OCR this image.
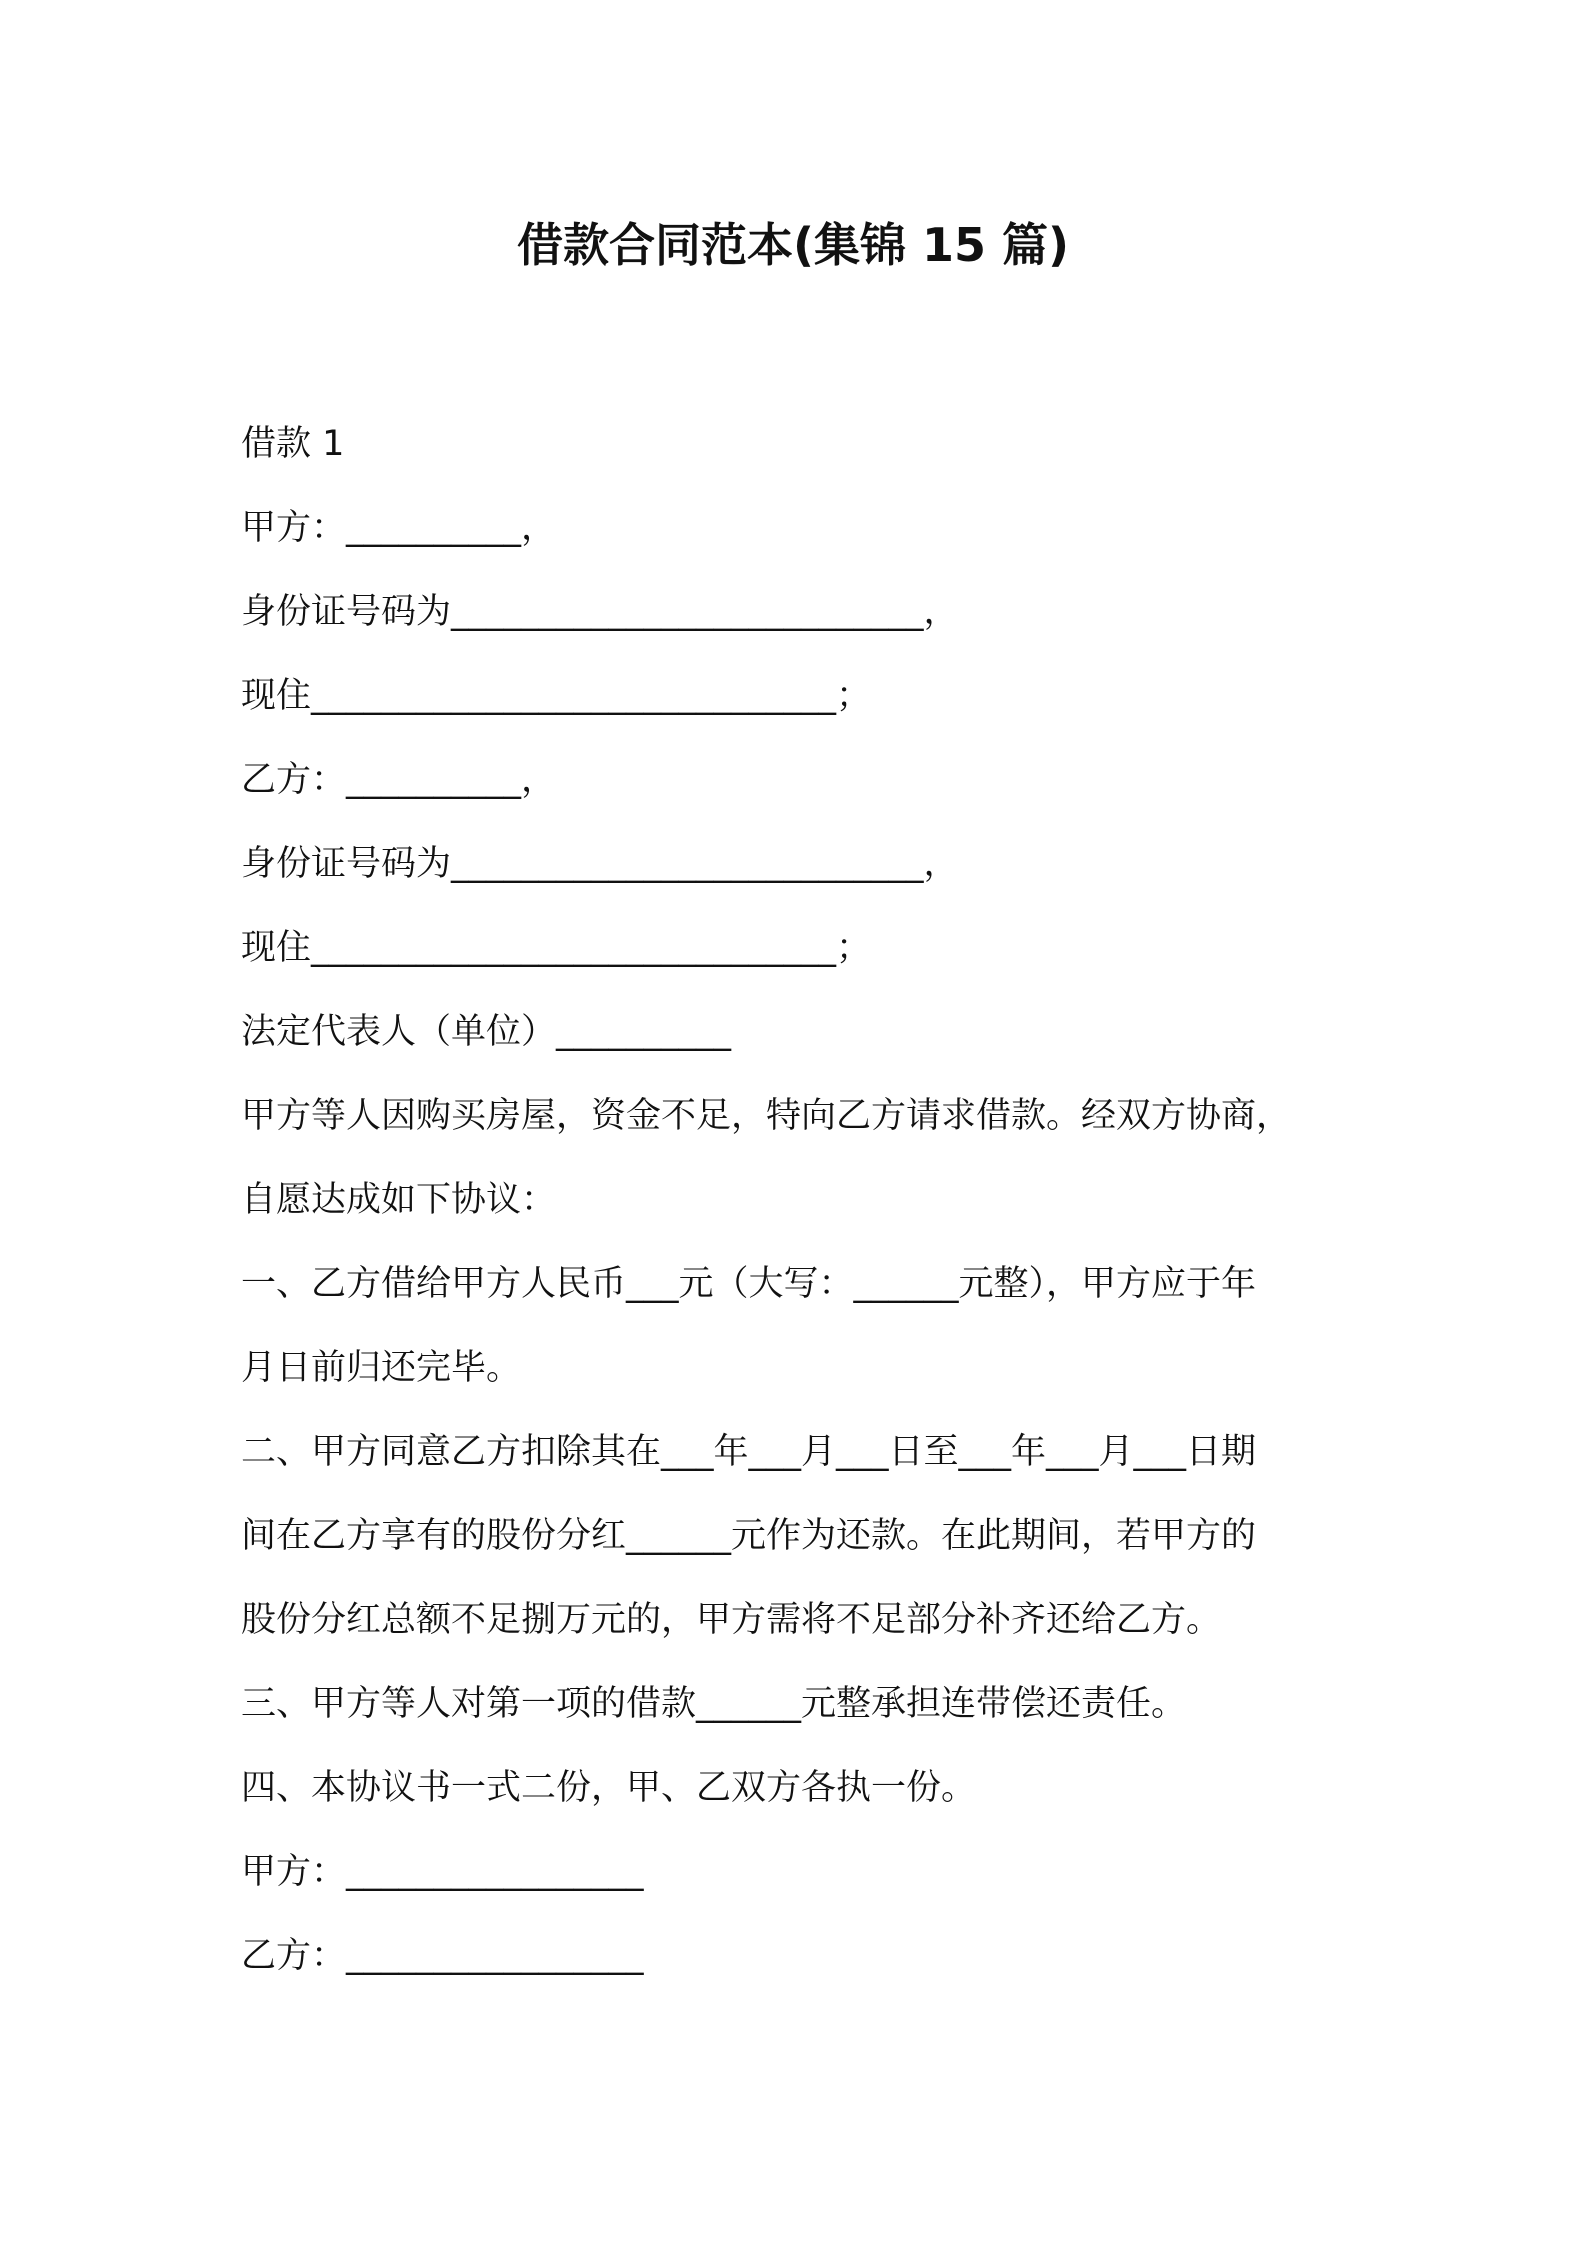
借款合同范本(集锦 15 篇)
借款 1
甲方：__________，
身份证号码为___________________________，
现住______________________________；
乙方：__________，
身份证号码为___________________________，
现住______________________________；
法定代表人（单位）__________
甲方等人因购买房屋，资金不足，特向乙方请求借款。经双方协商，
自愿达成如下协议：
一、乙方借给甲方人民币___元（大写：______元整），甲方应于年
月日前归还完毕。
二、甲方同意乙方扣除其在___年___月___日至___年___月___日期
间在乙方享有的股份分红______元作为还款。在此期间，若甲方的
股份分红总额不足捌万元的，甲方需将不足部分补齐还给乙方。
三、甲方等人对第一项的借款______元整承担连带偿还责任。
四、本协议书一式二份，甲、乙双方各执一份。
甲方：_________________
乙方：_________________
